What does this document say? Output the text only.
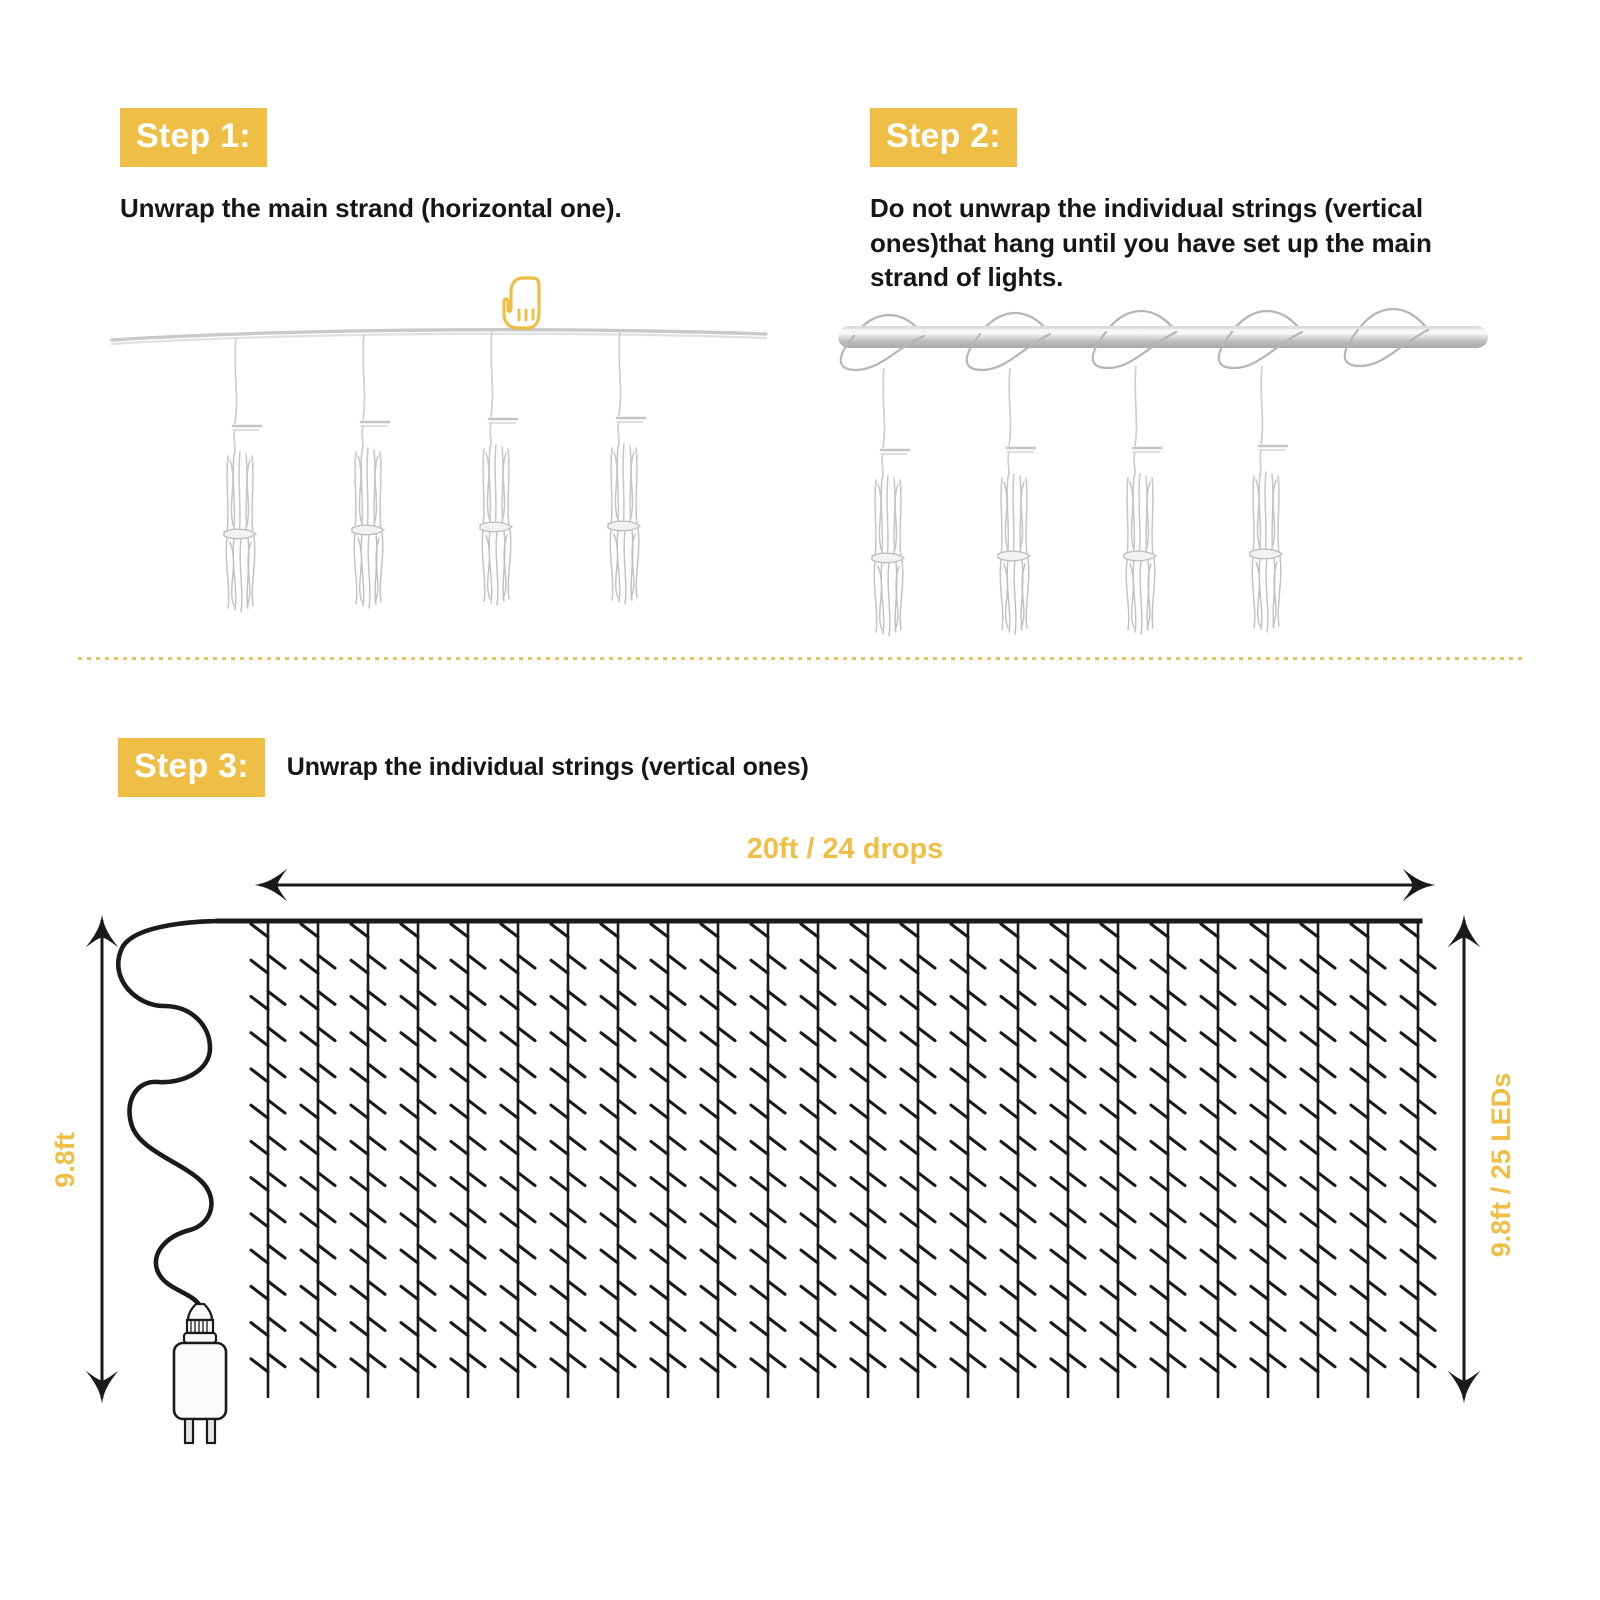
Step 1:
Unwrap the main strand (horizontal one).
Step 2:
Do not unwrap the individual strings (vertical ones)that hang until you have set up the main strand of lights.
Step 3:	Unwrap the individual strings (vertical ones)
20ft / 24 drops
9.8ft	9.8ft / 25 LEDs
